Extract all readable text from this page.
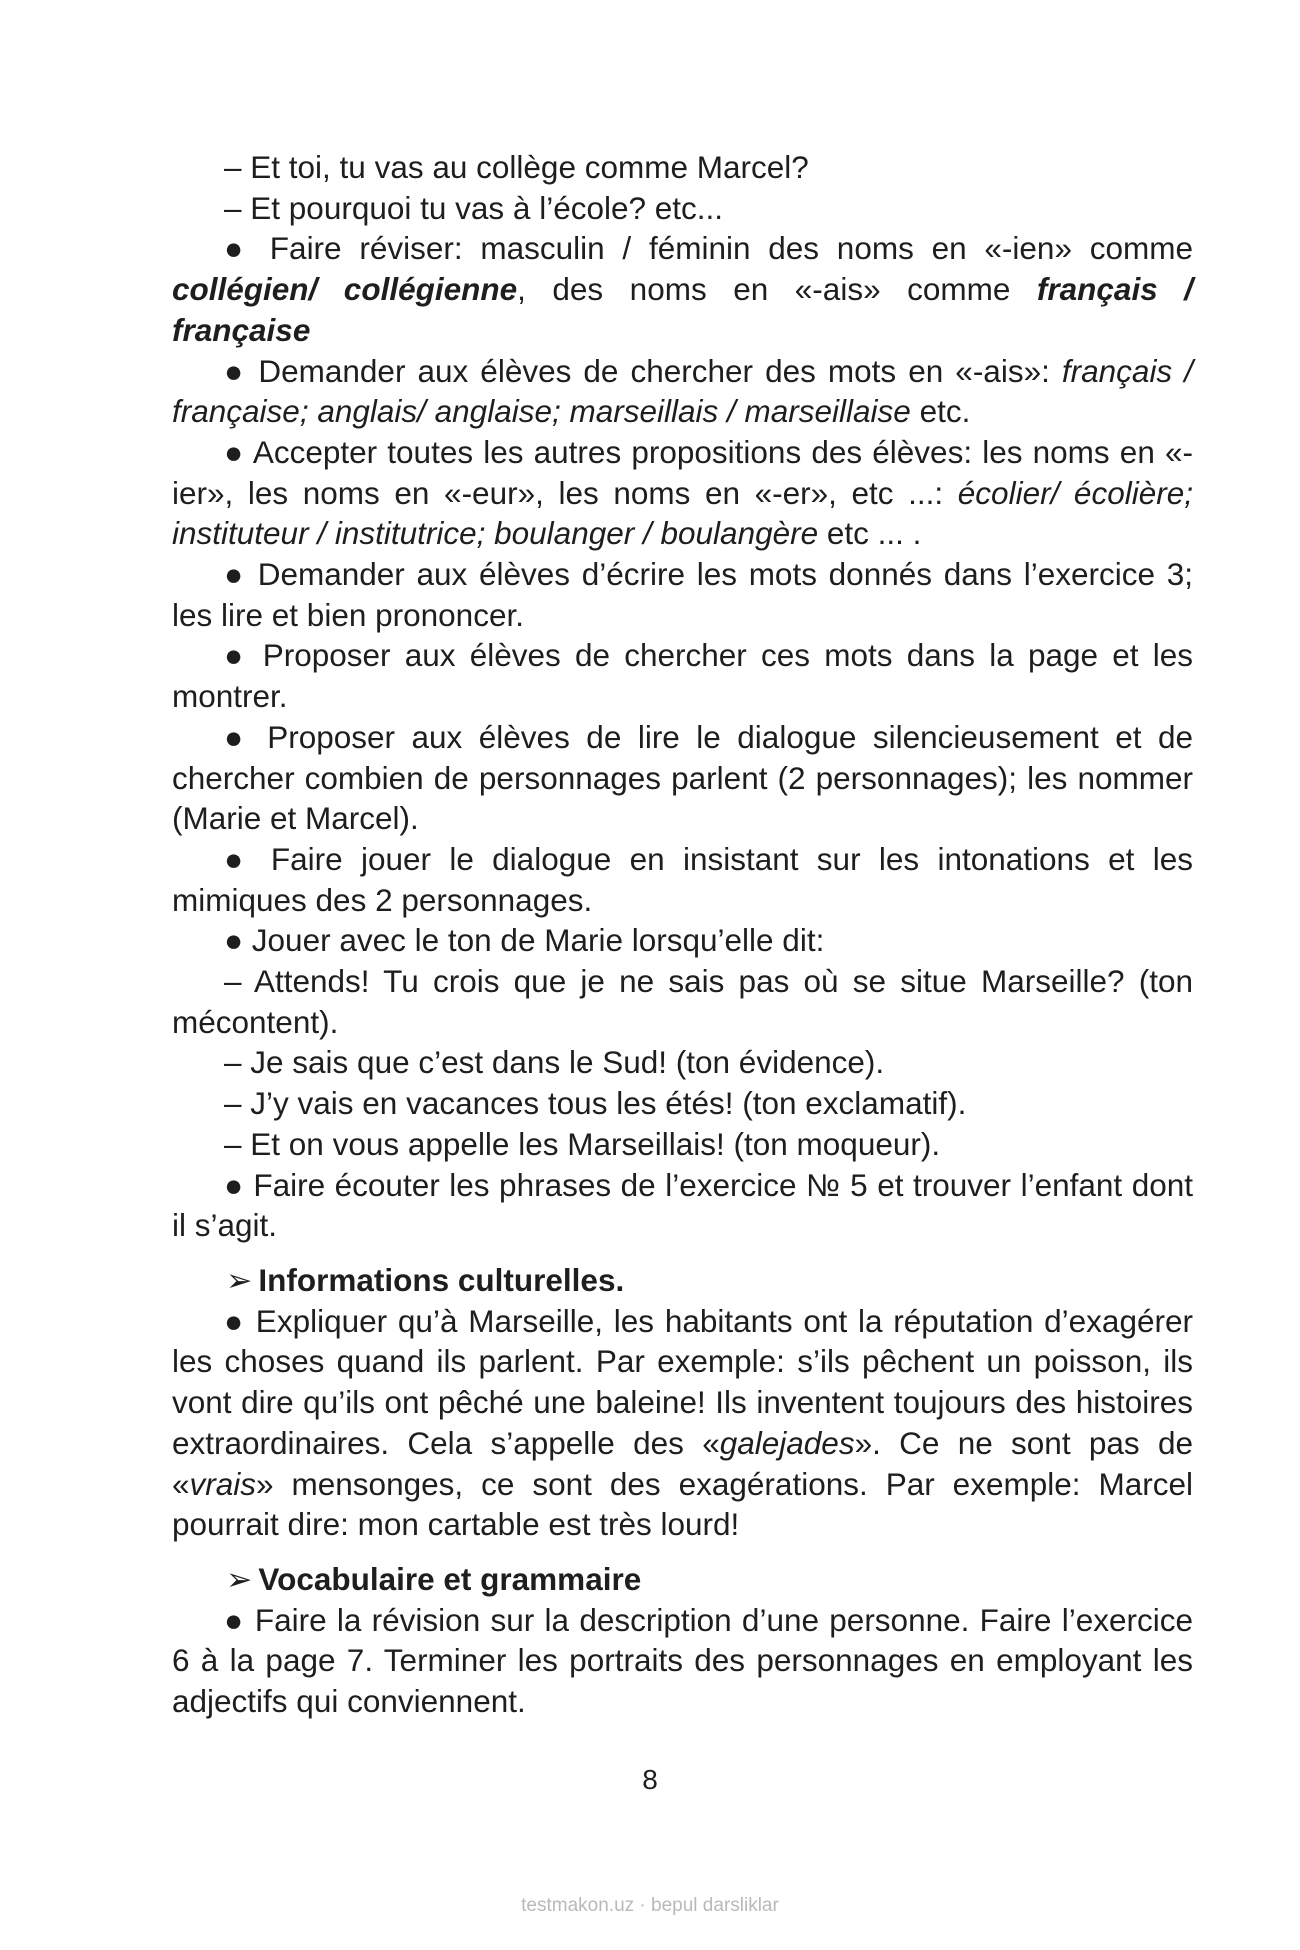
– Et toi, tu vas au collège comme Marcel?

– Et pourquoi tu vas à l’école? etc...

● Faire réviser: masculin / féminin des noms en «-ien» comme collégien/ collégienne, des noms en «-ais» comme français / française

● Demander aux élèves de chercher des mots en «-ais»: français / française; anglais/ anglaise; marseillais / marseillaise etc.

● Accepter toutes les autres propositions des élèves: les noms en «-ier», les noms en «-eur», les noms en «-er», etc ...: écolier/ écolière; instituteur / institutrice; boulanger / boulangère etc ... .

● Demander aux élèves d’écrire les mots donnés dans l’exercice 3; les lire et bien prononcer.

● Proposer aux élèves de chercher ces mots dans la page et les montrer.

● Proposer aux élèves de lire le dialogue silencieusement et de chercher combien de personnages parlent (2 personnages); les nommer (Marie et Marcel).

● Faire jouer le dialogue en insistant sur les intonations et les mimiques des 2 personnages.

● Jouer avec le ton de Marie lorsqu’elle dit:

– Attends! Tu crois que je ne sais pas où se situe Marseille? (ton mécontent).

– Je sais que c’est dans le Sud! (ton évidence).

– J’y vais en vacances tous les étés! (ton exclamatif).

– Et on vous appelle les Marseillais! (ton moqueur).

● Faire écouter les phrases de l’exercice № 5 et trouver l’enfant dont il s’agit.

➢ Informations culturelles.

● Expliquer qu’à Marseille, les habitants ont la réputation d’exagérer les choses quand ils parlent. Par exemple: s’ils pêchent un poisson, ils vont dire qu’ils ont pêché une baleine! Ils inventent toujours des histoires extraordinaires. Cela s’appelle des «galejades». Ce ne sont pas de «vrais» mensonges, ce sont des exagérations. Par exemple: Marcel pourrait dire: mon cartable est très lourd!

➢ Vocabulaire et grammaire

● Faire la révision sur la description d’une personne. Faire l’exercice 6 à la page 7. Terminer les portraits des personnages en employant les adjectifs qui conviennent.

8
testmakon.uz · bepul darsliklar
